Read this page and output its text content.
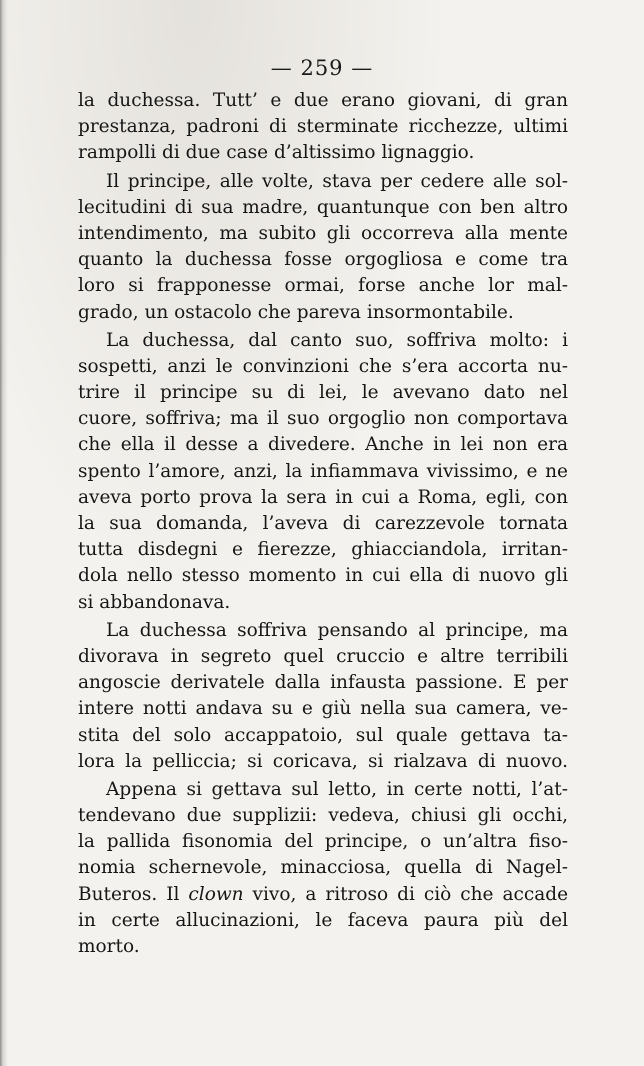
— 259 —
la duchessa. Tutt’ e due erano giovani, di gran
prestanza, padroni di sterminate ricchezze, ultimi
rampolli di due case d’altissimo lignaggio.
Il principe, alle volte, stava per cedere alle sol-
lecitudini di sua madre, quantunque con ben altro
intendimento, ma subito gli occorreva alla mente
quanto la duchessa fosse orgogliosa e come tra
loro si frapponesse ormai, forse anche lor mal-
grado, un ostacolo che pareva insormontabile.
La duchessa, dal canto suo, soffriva molto: i
sospetti, anzi le convinzioni che s’era accorta nu-
trire il principe su di lei, le avevano dato nel
cuore, soffriva; ma il suo orgoglio non comportava
che ella il desse a divedere. Anche in lei non era
spento l’amore, anzi, la infiammava vivissimo, e ne
aveva porto prova la sera in cui a Roma, egli, con
la sua domanda, l’aveva di carezzevole tornata
tutta disdegni e fierezze, ghiacciandola, irritan-
dola nello stesso momento in cui ella di nuovo gli
si abbandonava.
La duchessa soffriva pensando al principe, ma
divorava in segreto quel cruccio e altre terribili
angoscie derivatele dalla infausta passione. E per
intere notti andava su e giù nella sua camera, ve-
stita del solo accappatoio, sul quale gettava ta-
lora la pelliccia; si coricava, si rialzava di nuovo.
Appena si gettava sul letto, in certe notti, l’at-
tendevano due supplizii: vedeva, chiusi gli occhi,
la pallida fisonomia del principe, o un’altra fiso-
nomia schernevole, minacciosa, quella di Nagel-
Buteros. Il clown vivo, a ritroso di ciò che accade
in certe allucinazioni, le faceva paura più del
morto.
